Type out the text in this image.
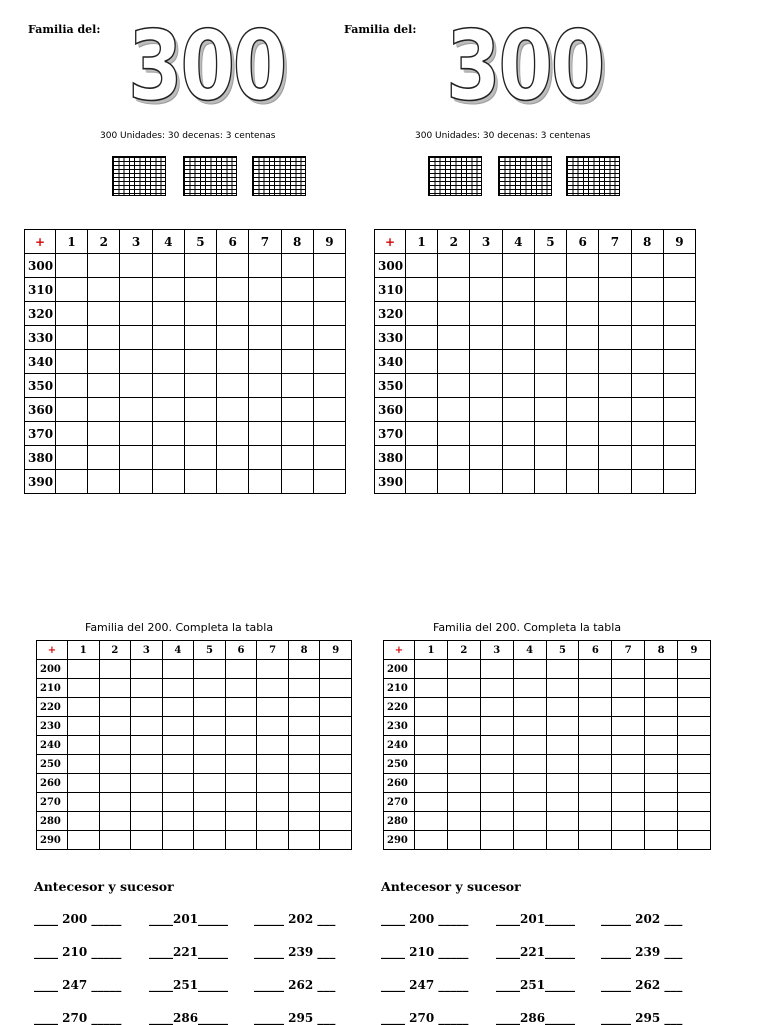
Familia del: 300
300 Unidades: 30 decenas: 3 centenas
Familia del: 300
300 Unidades: 30 decenas: 3 centenas
+	1	2	3	4	5	6	7	8	9
300									
310									
320									
330									
340									
350									
360									
370									
380									
390									
+	1	2	3	4	5	6	7	8	9
300									
310									
320									
330									
340									
350									
360									
370									
380									
390									
Familia del 200. Completa la tabla	Familia del 200. Completa la tabla
+	1	2	3	4	5	6	7	8	9
200									
210									
220									
230									
240									
250									
260									
270									
280									
290									
+	1	2	3	4	5	6	7	8	9
200									
210									
220									
230									
240									
250									
260									
270									
280									
290									
Antecesor y sucesor	Antecesor y sucesor
____ 200 _____ ____201_____ _____ 202 ___
____ 210 _____ ____221_____ _____ 239 ___
____ 247 _____ ____251_____ _____ 262 ___
____ 270 _____ ____286_____ _____ 295 ___
____ 200 _____ ____201_____ _____ 202 ___
____ 210 _____ ____221_____ _____ 239 ___
____ 247 _____ ____251_____ _____ 262 ___
____ 270 _____ ____286_____ _____ 295 ___
